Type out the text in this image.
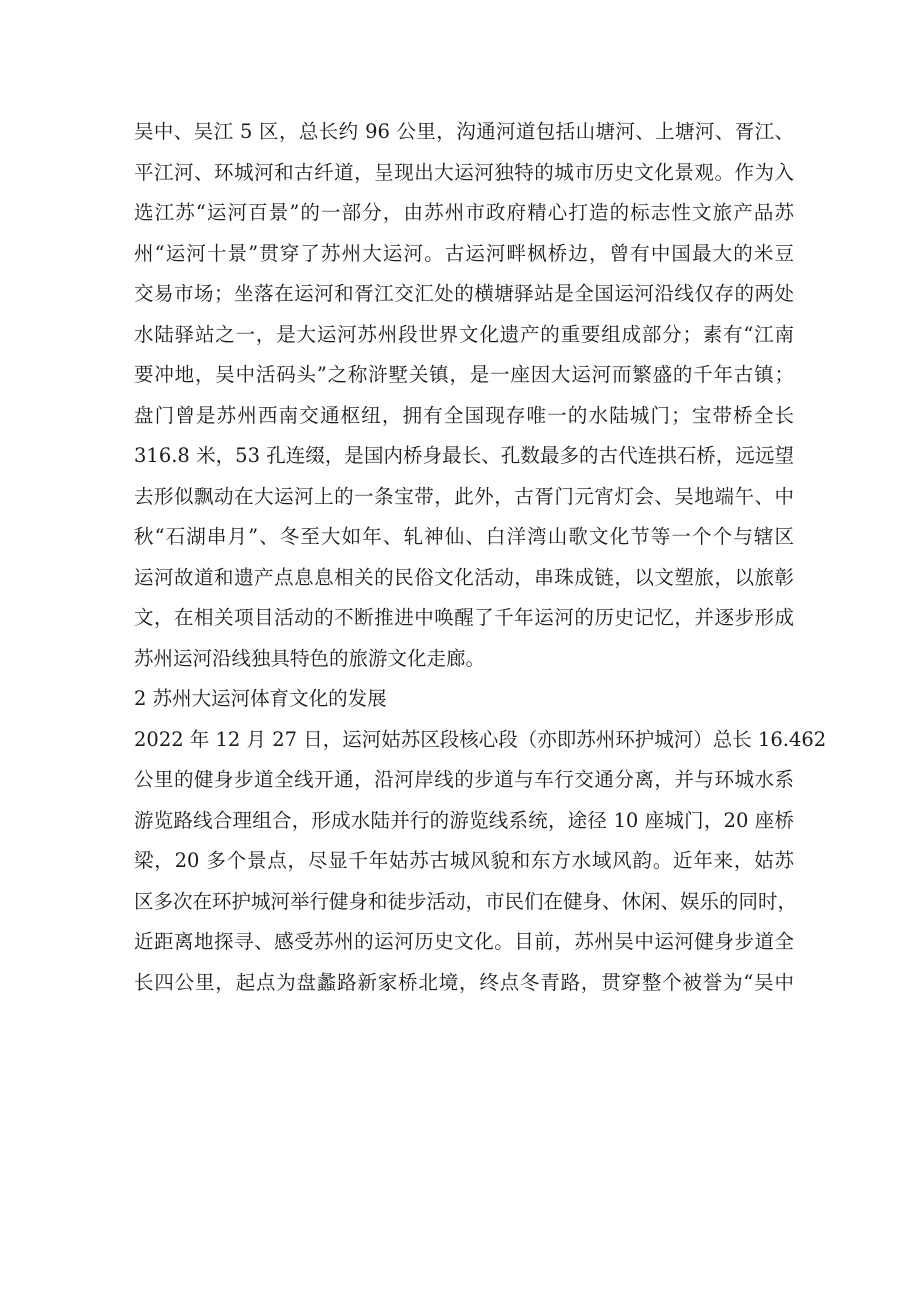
吴中、吴江 5 区，总长约 96 公里，沟通河道包括山塘河、上塘河、胥江、
平江河、环城河和古纤道，呈现出大运河独特的城市历史文化景观。作为入
选江苏“运河百景”的一部分，由苏州市政府精心打造的标志性文旅产品苏
州“运河十景”贯穿了苏州大运河。古运河畔枫桥边，曾有中国最大的米豆
交易市场；坐落在运河和胥江交汇处的横塘驿站是全国运河沿线仅存的两处
水陆驿站之一，是大运河苏州段世界文化遗产的重要组成部分；素有“江南
要冲地，吴中活码头”之称浒墅关镇，是一座因大运河而繁盛的千年古镇；
盘门曾是苏州西南交通枢纽，拥有全国现存唯一的水陆城门；宝带桥全长
316.8 米，53 孔连缀，是国内桥身最长、孔数最多的古代连拱石桥，远远望
去形似飘动在大运河上的一条宝带，此外，古胥门元宵灯会、吴地端午、中
秋“石湖串月”、冬至大如年、轧神仙、白洋湾山歌文化节等一个个与辖区
运河故道和遗产点息息相关的民俗文化活动，串珠成链，以文塑旅，以旅彰
文，在相关项目活动的不断推进中唤醒了千年运河的历史记忆，并逐步形成
苏州运河沿线独具特色的旅游文化走廊。
2 苏州大运河体育文化的发展
2022 年 12 月 27 日，运河姑苏区段核心段（亦即苏州环护城河）总长 16.462
公里的健身步道全线开通，沿河岸线的步道与车行交通分离，并与环城水系
游览路线合理组合，形成水陆并行的游览线系统，途径 10 座城门，20 座桥
梁，20 多个景点，尽显千年姑苏古城风貌和东方水域风韵。近年来，姑苏
区多次在环护城河举行健身和徒步活动，市民们在健身、休闲、娱乐的同时，
近距离地探寻、感受苏州的运河历史文化。目前，苏州吴中运河健身步道全
长四公里，起点为盘蠡路新家桥北境，终点冬青路，贯穿整个被誉为“吴中
